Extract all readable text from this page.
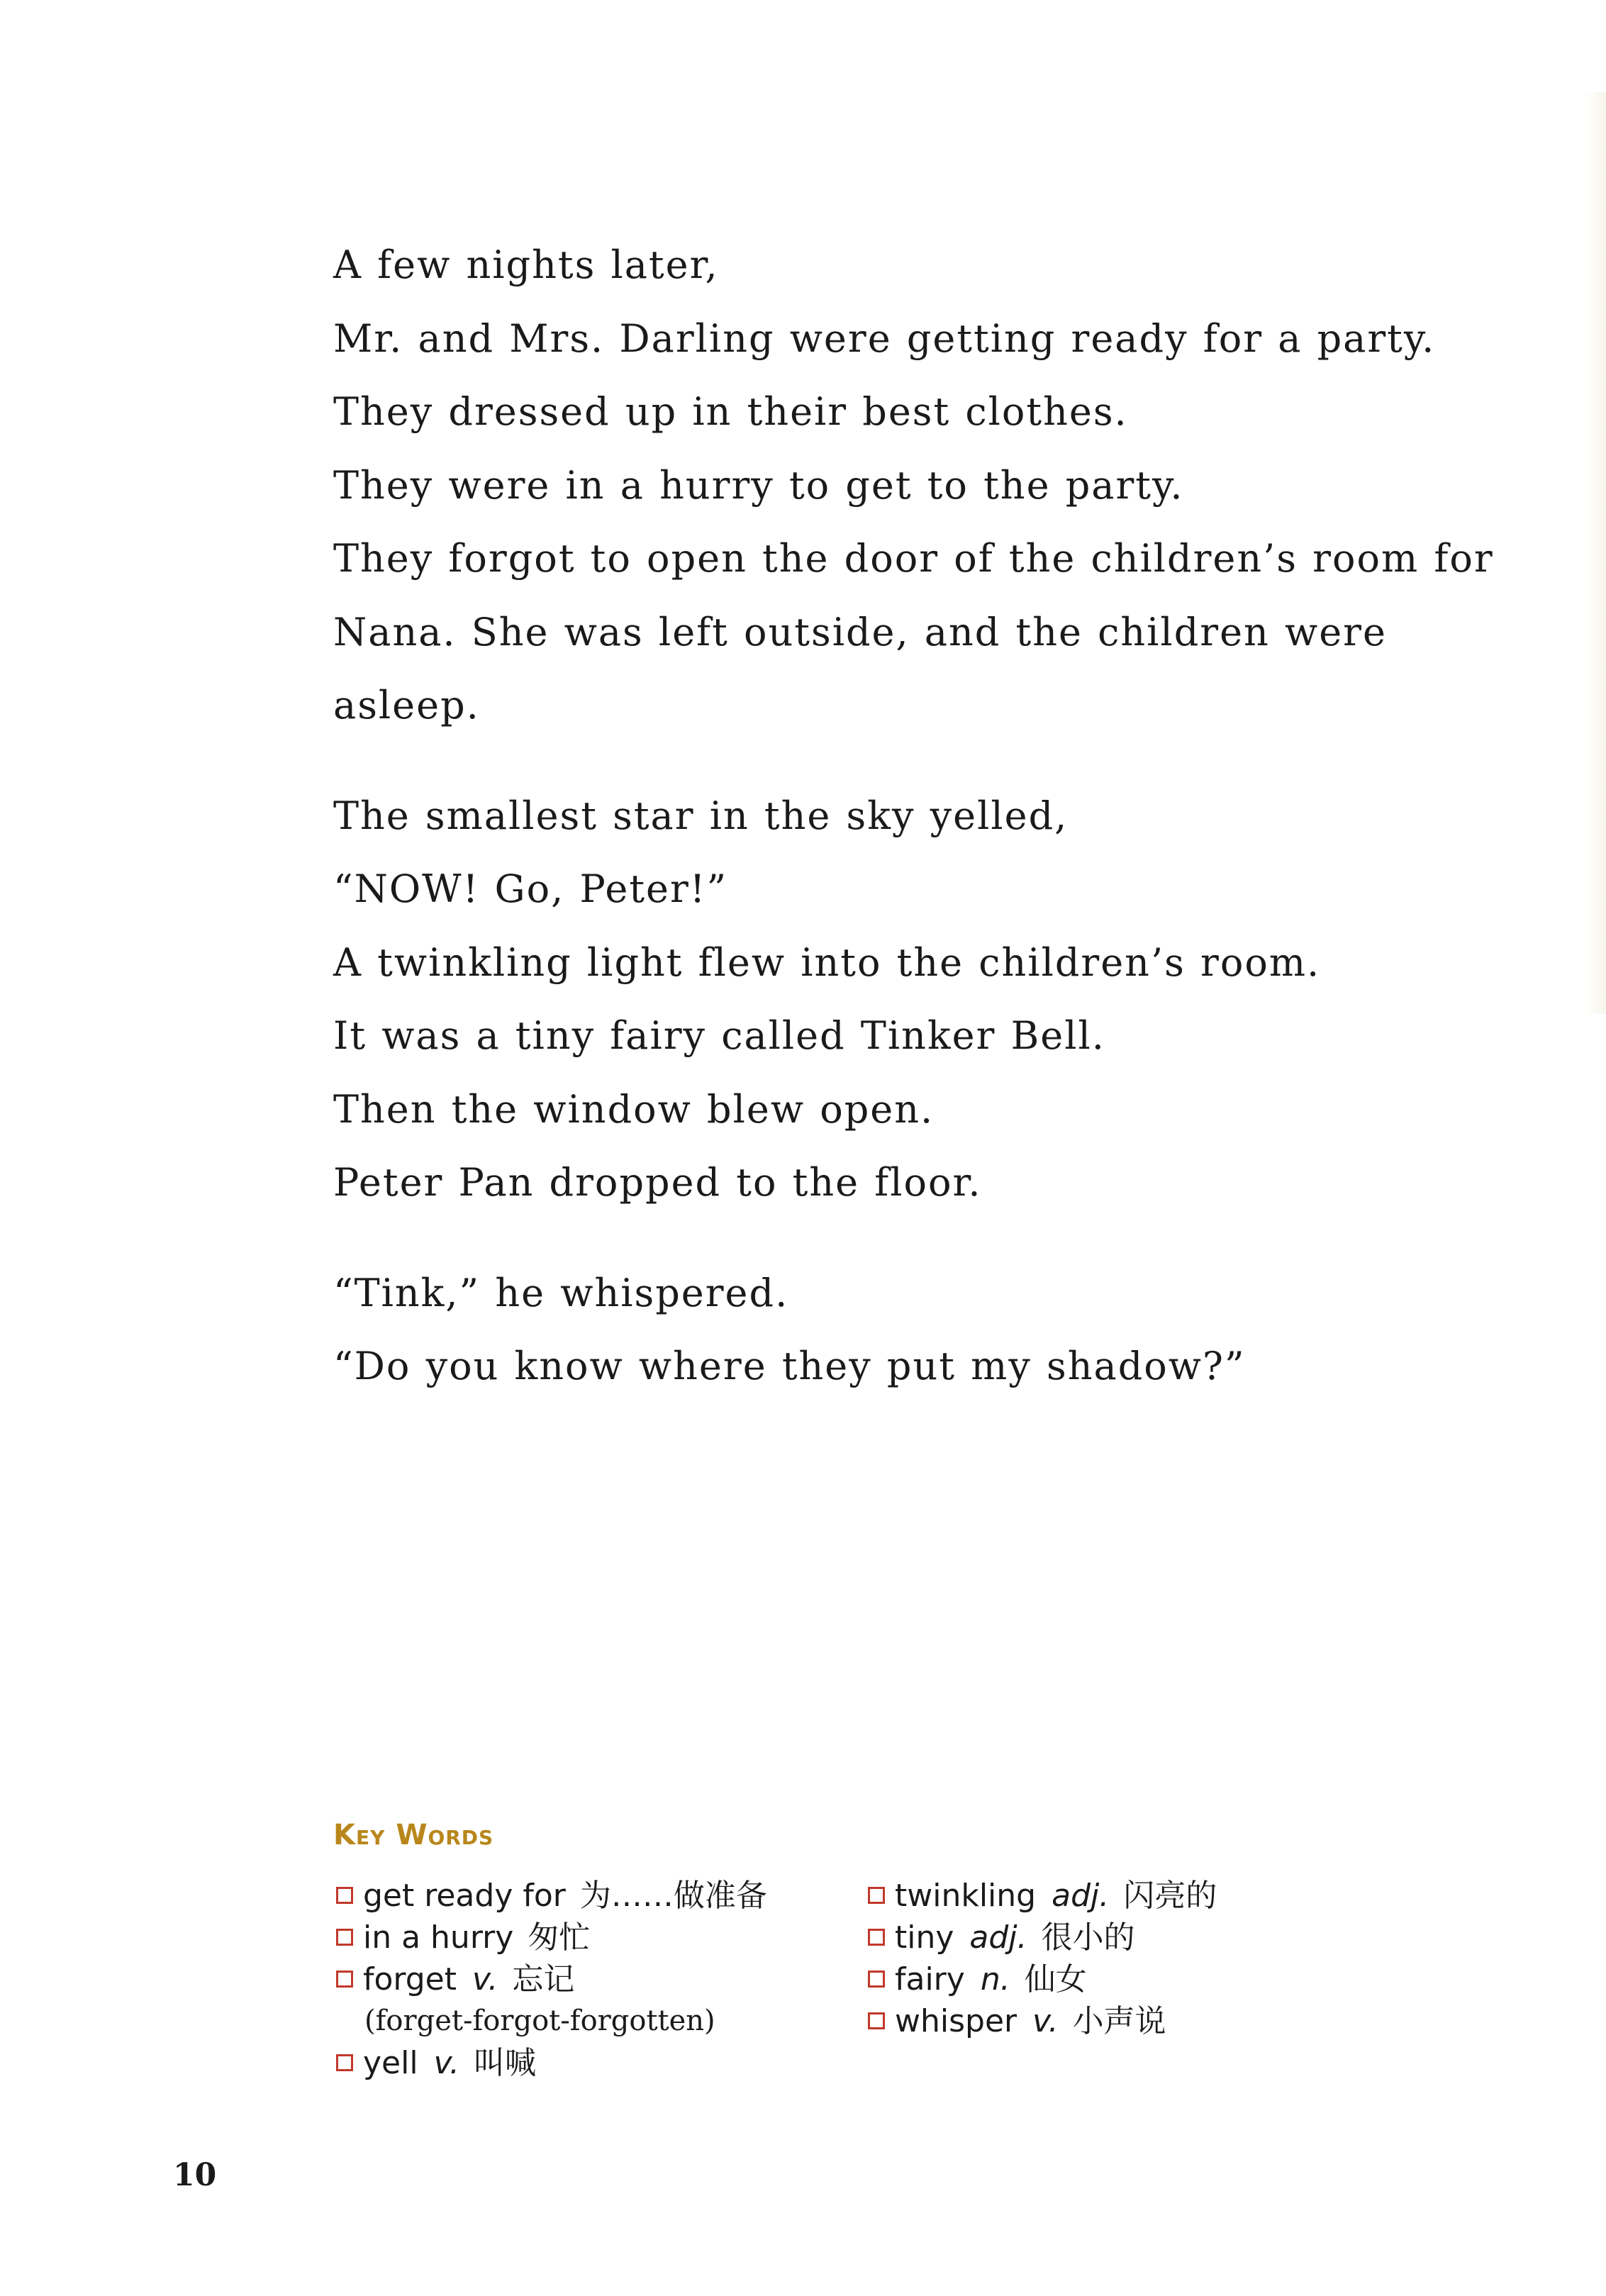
A few nights later,
Mr. and Mrs. Darling were getting ready for a party.
They dressed up in their best clothes.
They were in a hurry to get to the party.
They forgot to open the door of the children’s room for
Nana. She was left outside, and the children were
asleep.
The smallest star in the sky yelled,
“NOW! Go, Peter!”
A twinkling light flew into the children’s room.
It was a tiny fairy called Tinker Bell.
Then the window blew open.
Peter Pan dropped to the floor.
“Tink,” he whispered.
“Do you know where they put my shadow?”
Key Words
get ready for 为……做准备
in a hurry 匆忙
forget v. 忘记
(forget-forgot-forgotten)
yell v. 叫喊
twinkling adj. 闪亮的
tiny adj. 很小的
fairy n. 仙女
whisper v. 小声说
10
